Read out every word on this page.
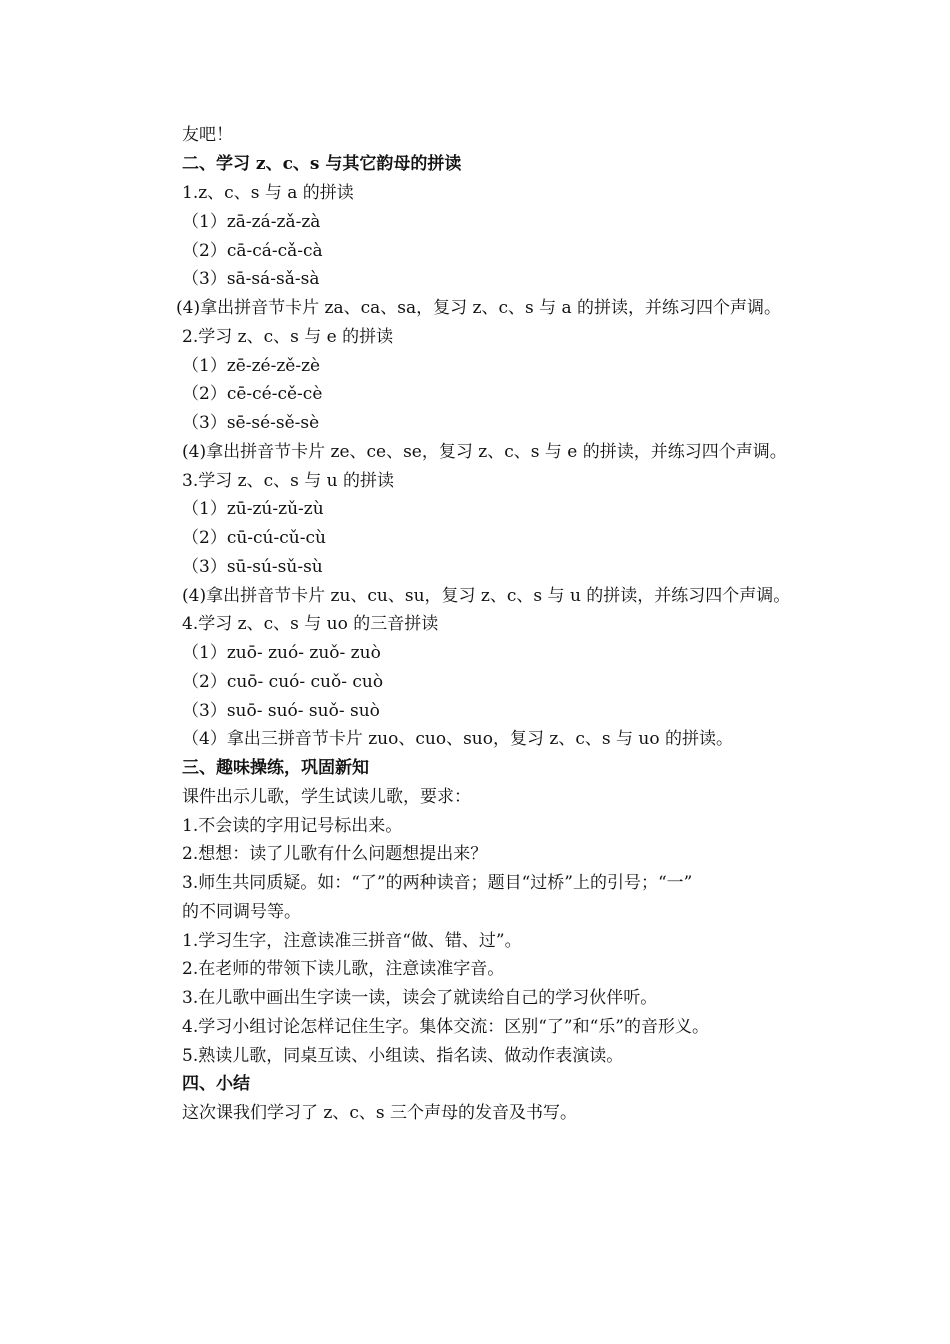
友吧！
二、学习 z、c、s 与其它韵母的拼读
1.z、c、s 与 a 的拼读
（1）zā-zá-zǎ-zà
（2）cā-cá-cǎ-cà
（3）sā-sá-sǎ-sà
(4)拿出拼音节卡片 za、ca、sa，复习 z、c、s 与 a 的拼读，并练习四个声调。
2.学习 z、c、s 与 e 的拼读
（1）zē-zé-zě-zè
（2）cē-cé-cě-cè
（3）sē-sé-sě-sè
(4)拿出拼音节卡片 ze、ce、se，复习 z、c、s 与 e 的拼读，并练习四个声调。
3.学习 z、c、s 与 u 的拼读
（1）zū-zú-zǔ-zù
（2）cū-cú-cǔ-cù
（3）sū-sú-sǔ-sù
(4)拿出拼音节卡片 zu、cu、su，复习 z、c、s 与 u 的拼读，并练习四个声调。
4.学习 z、c、s 与 uo 的三音拼读
（1）zuō- zuó- zuǒ- zuò
（2）cuō- cuó- cuǒ- cuò
（3）suō- suó- suǒ- suò
（4）拿出三拼音节卡片 zuo、cuo、suo，复习 z、c、s 与 uo 的拼读。
三、趣味操练，巩固新知
课件出示儿歌，学生试读儿歌，要求：
1.不会读的字用记号标出来。
2.想想：读了儿歌有什么问题想提出来？
3.师生共同质疑。如：“了”的两种读音；题目“过桥”上的引号；“一”
的不同调号等。
1.学习生字，注意读准三拼音“做、错、过”。
2.在老师的带领下读儿歌，注意读准字音。
3.在儿歌中画出生字读一读，读会了就读给自己的学习伙伴听。
4.学习小组讨论怎样记住生字。集体交流：区别“了”和“乐”的音形义。
5.熟读儿歌，同桌互读、小组读、指名读、做动作表演读。
四、小结
这次课我们学习了 z、c、s 三个声母的发音及书写。
